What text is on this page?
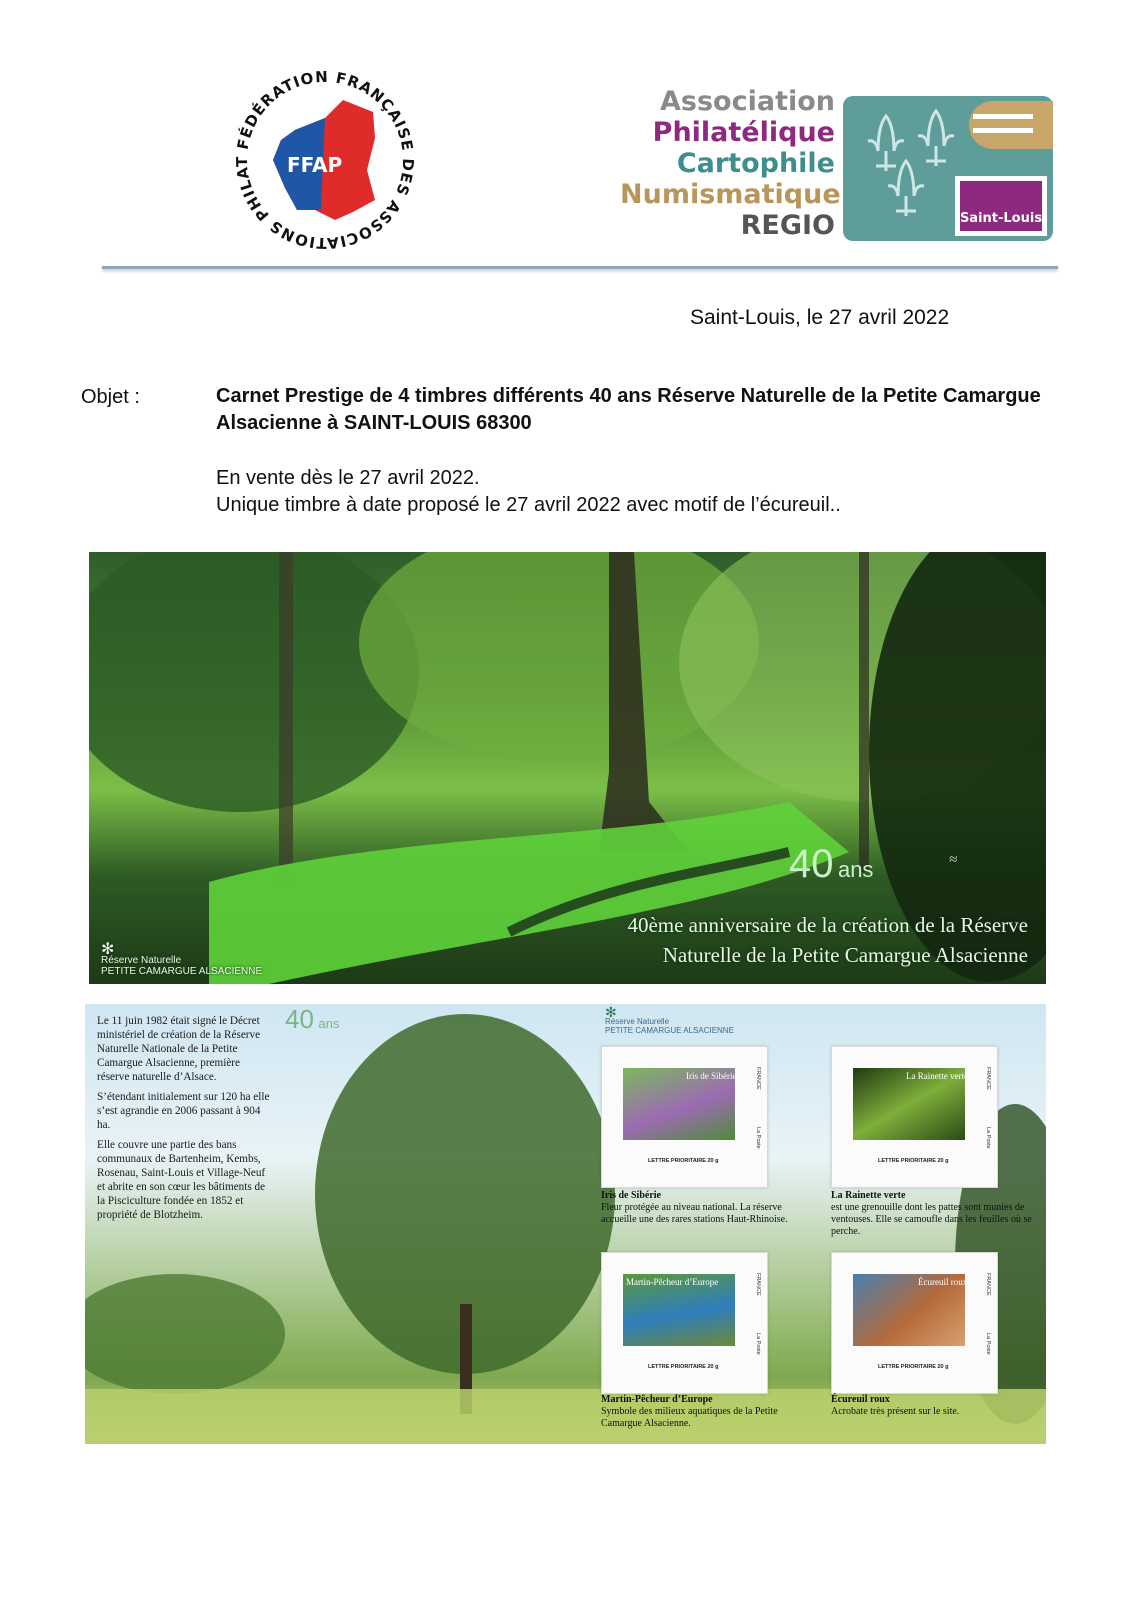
FÉDÉRATION FRANÇAISE DES ASSOCIATIONS PHILAT	FFAP
Association
Philatélique
Cartophile
Numismatique
REGIO	Saint-Louis
Saint-Louis, le 27 avril 2022
Objet :	Carnet Prestige de 4 timbres différents 40 ans Réserve Naturelle de la Petite Camargue Alsacienne à SAINT-LOUIS 68300
En vente dès le 27 avril 2022.
Unique timbre à date proposé le 27 avril 2022 avec motif de l’écureuil..
✻
Réserve Naturelle
PETITE CAMARGUE ALSACIENNE
40 ans	≈
40ème anniversaire de la création de la Réserve
Naturelle de la Petite Camargue Alsacienne

Le 11 juin 1982 était signé le Décret ministériel de création de la Réserve Naturelle Nationale de la Petite Camargue Alsacienne, première réserve naturelle d’Alsace.

S’étendant initialement sur 120 ha elle s’est agrandie en 2006 passant à 904 ha.

Elle couvre une partie des bans communaux de Bartenheim, Kembs, Rosenau, Saint-Louis et Village-Neuf et abrite en son cœur les bâtiments de la Pisciculture fondée en 1852 et propriété de Blotzheim.

40 ans
✻
Réserve Naturelle
PETITE CAMARGUE ALSACIENNE
Iris de Sibérie
LETTRE PRIORITAIRE 20 g
FRANCE
La Poste
Iris de Sibérie
Fleur protégée au niveau national. La réserve accueille une des rares stations Haut-Rhinoise.
La Rainette verte
LETTRE PRIORITAIRE 20 g
FRANCE
La Poste
La Rainette verte
est une grenouille dont les pattes sont munies de ventouses. Elle se camoufle dans les feuilles où se perche.
Martin-Pêcheur d’Europe
LETTRE PRIORITAIRE 20 g
FRANCE
La Poste
Martin-Pêcheur d’Europe
Symbole des milieux aquatiques de la Petite Camargue Alsacienne.
Écureuil roux
LETTRE PRIORITAIRE 20 g
FRANCE
La Poste
Écureuil roux
Acrobate très présent sur le site.
